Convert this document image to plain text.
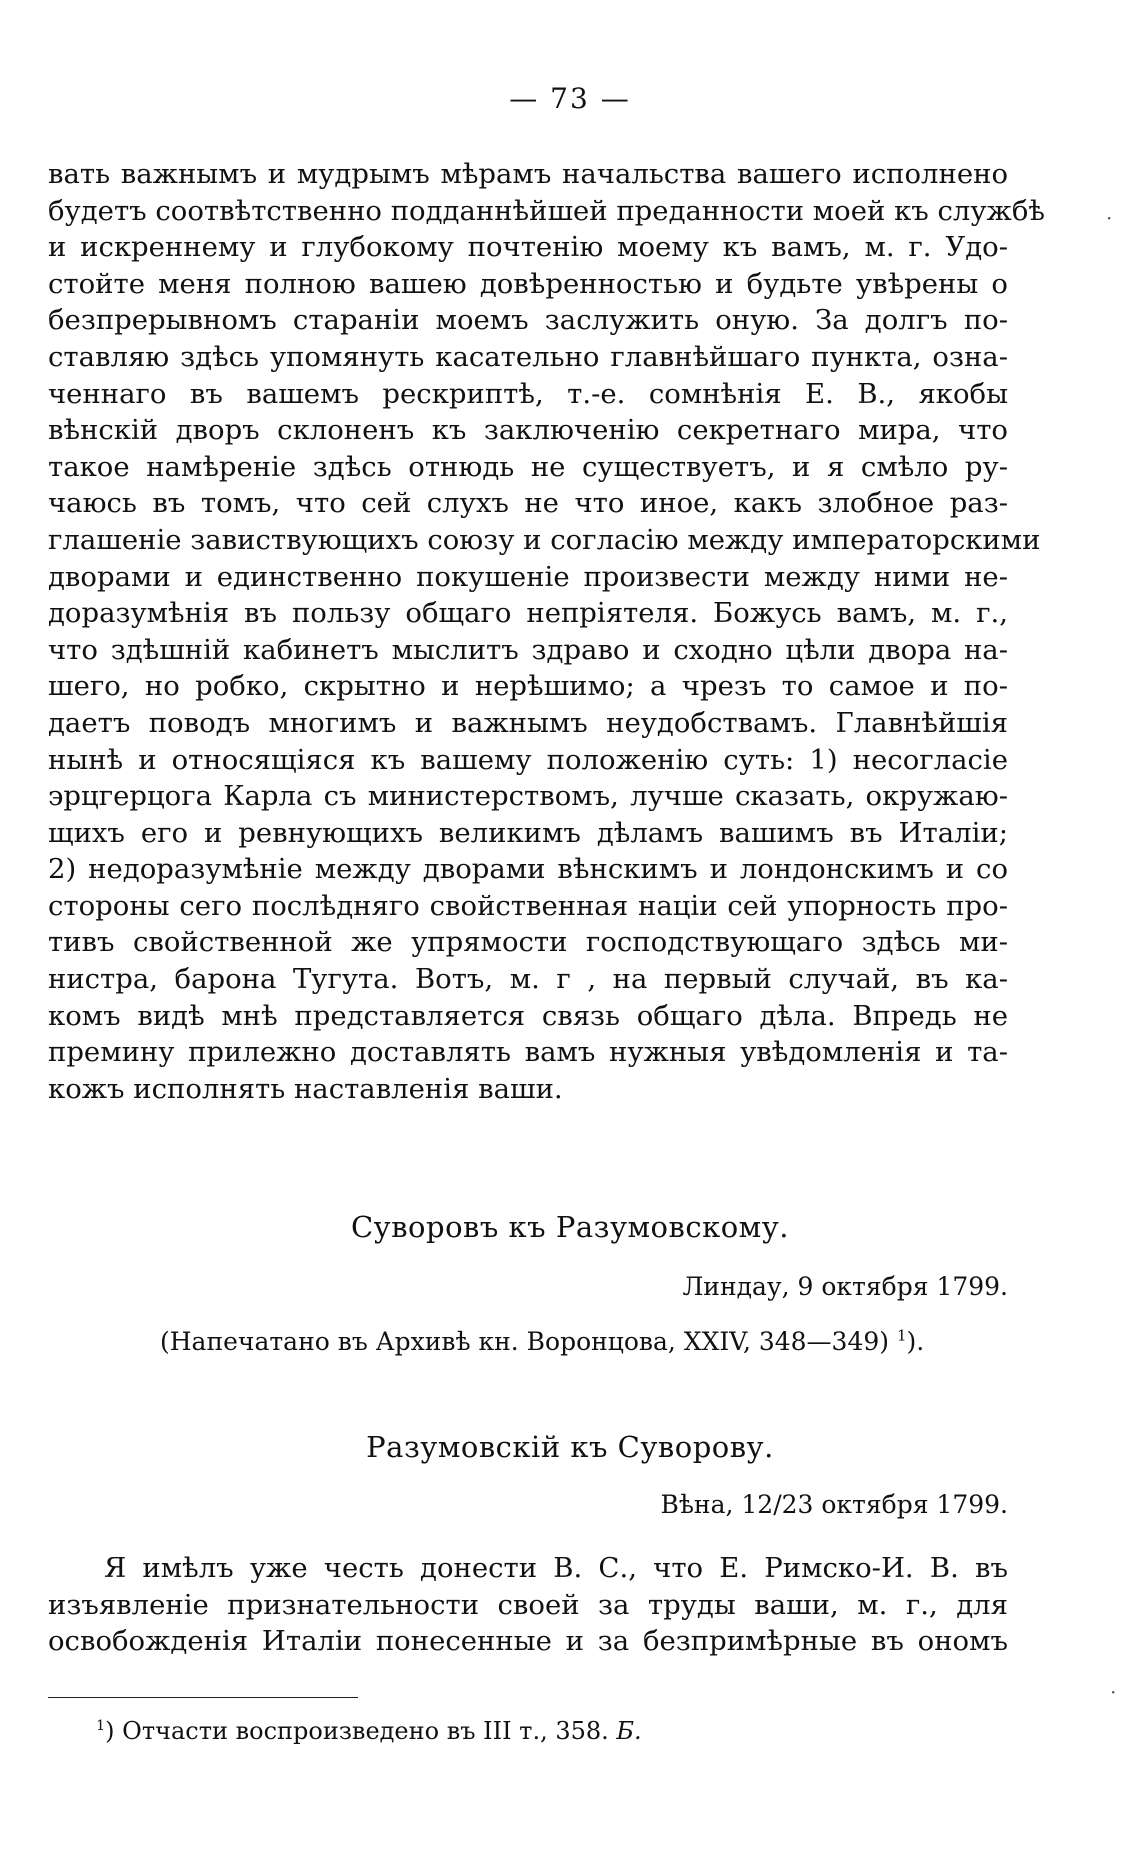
— 73 —
вать важнымъ и мудрымъ мѣрамъ начальства вашего исполнено
будетъ соотвѣтственно подданнѣйшей преданности моей къ службѣ
и искреннему и глубокому почтенію моему къ вамъ, м. г. Удо-
стойте меня полною вашею довѣренностью и будьте увѣрены о
безпрерывномъ стараніи моемъ заслужить оную. За долгъ по-
ставляю здѣсь упомянуть касательно главнѣйшаго пункта, озна-
ченнаго въ вашемъ рескриптѣ, т.-е. сомнѣнія Е. В., якобы
вѣнскій дворъ склоненъ къ заключенію секретнаго мира, что
такое намѣреніе здѣсь отнюдь не существуетъ, и я смѣло ру-
чаюсь въ томъ, что сей слухъ не что иное, какъ злобное раз-
глашеніе завиствующихъ союзу и согласію между императорскими
дворами и единственно покушеніе произвести между ними не-
доразумѣнія въ пользу общаго непріятеля. Божусь вамъ, м. г.,
что здѣшній кабинетъ мыслитъ здраво и сходно цѣли двора на-
шего, но робко, скрытно и нерѣшимо; а чрезъ то самое и по-
даетъ поводъ многимъ и важнымъ неудобствамъ. Главнѣйшія
нынѣ и относящіяся къ вашему положенію суть: 1) несогласіе
эрцгерцога Карла съ министерствомъ, лучше сказать, окружаю-
щихъ его и ревнующихъ великимъ дѣламъ вашимъ въ Италіи;
2) недоразумѣніе между дворами вѣнскимъ и лондонскимъ и со
стороны сего послѣдняго свойственная націи сей упорность про-
тивъ свойственной же упрямости господствующаго здѣсь ми-
нистра, барона Тугута. Вотъ, м. г , на первый случай, въ ка-
комъ видѣ мнѣ представляется связь общаго дѣла. Впредь не
премину прилежно доставлять вамъ нужныя увѣдомленія и та-
кожъ исполнять наставленія ваши.
Суворовъ къ Разумовскому.
Линдау, 9 октября 1799.
(Напечатано въ Архивѣ кн. Воронцова, XXIV, 348—349) $^1$).
Разумовскій къ Суворову.
Вѣна, 12/23 октября 1799.
Я имѣлъ уже честь донести В. С., что Е. Римско-И. В. въ
изъявленіе признательности своей за труды ваши, м. г., для
освобожденія Италіи понесенные и за безпримѣрные въ ономъ
$^1$) Отчасти воспроизведено въ III т., 358. Б.
·
·
